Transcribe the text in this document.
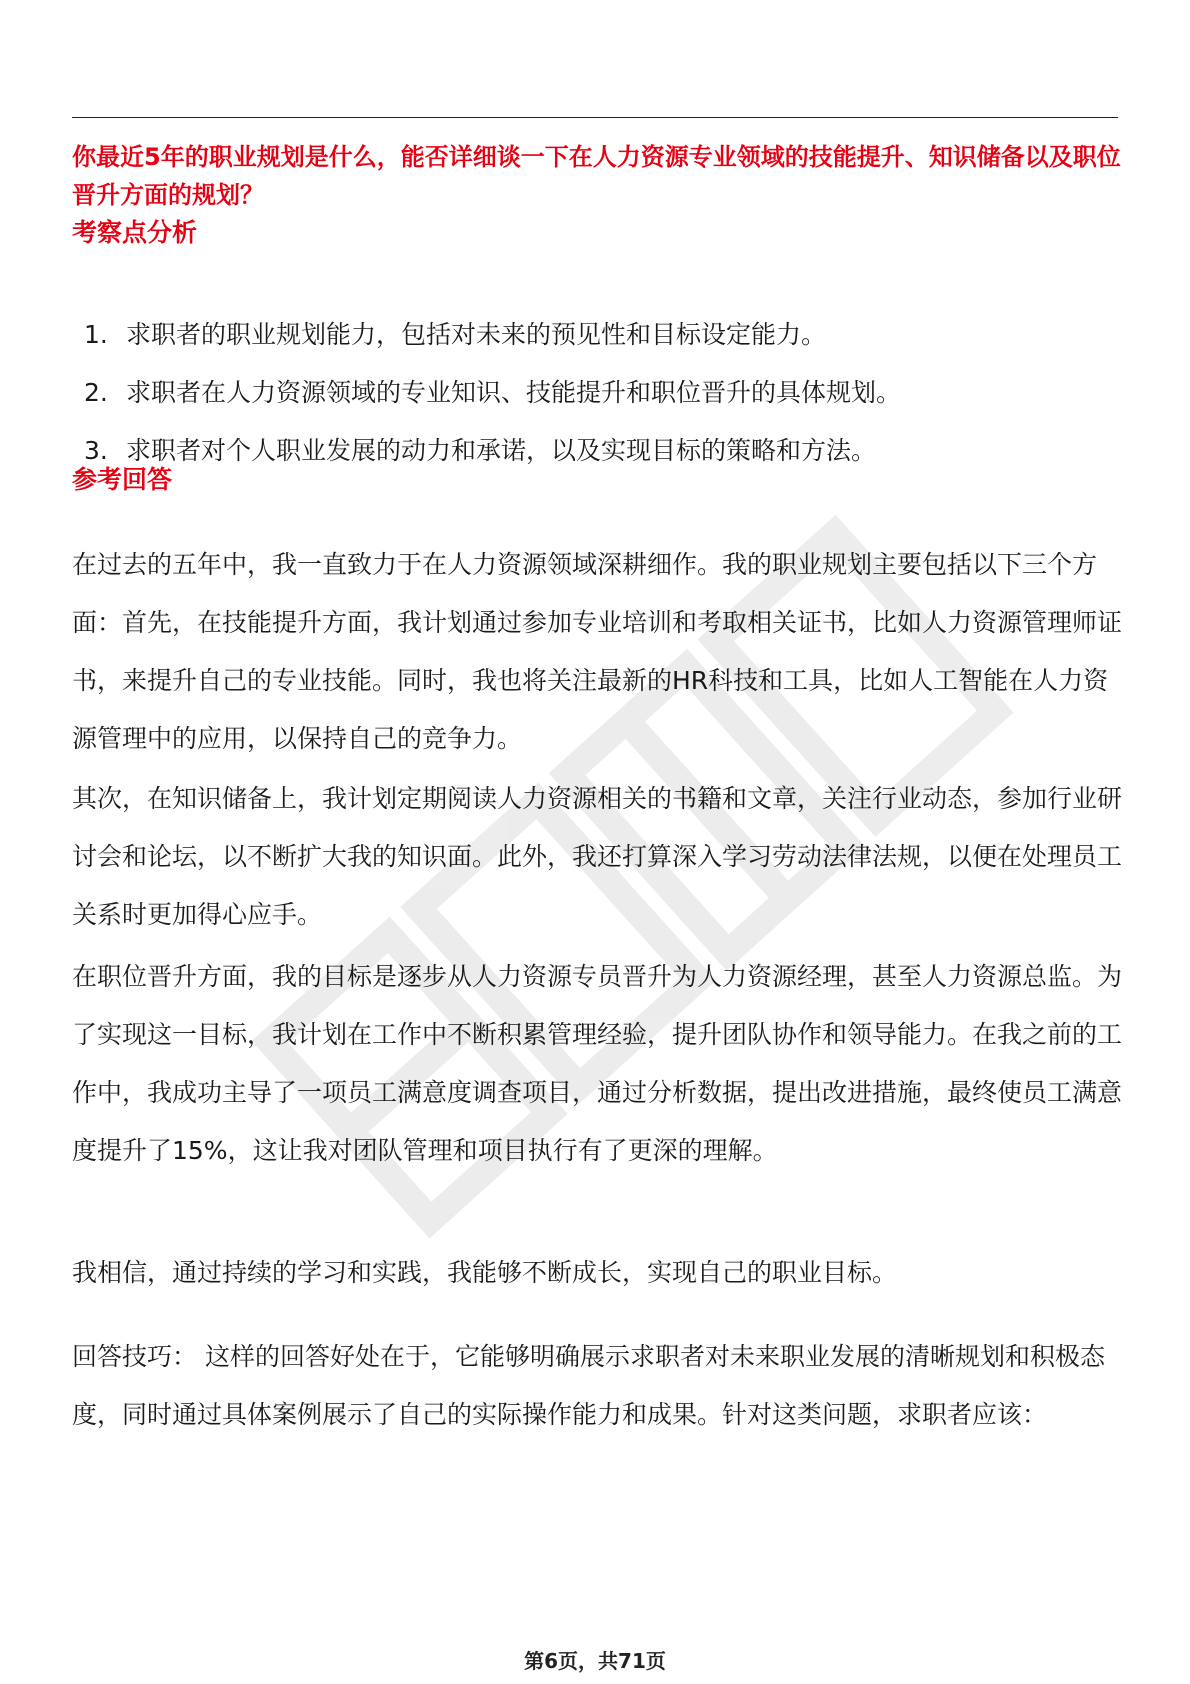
你最近5年的职业规划是什么，能否详细谈一下在人力资源专业领域的技能提升、知识储备以及职位晋升方面的规划？
考察点分析
1. 求职者的职业规划能力，包括对未来的预见性和目标设定能力。
2. 求职者在人力资源领域的专业知识、技能提升和职位晋升的具体规划。
3. 求职者对个人职业发展的动力和承诺，以及实现目标的策略和方法。
参考回答
在过去的五年中，我一直致力于在人力资源领域深耕细作。我的职业规划主要包括以下三个方面：首先，在技能提升方面，我计划通过参加专业培训和考取相关证书，比如人力资源管理师证书，来提升自己的专业技能。同时，我也将关注最新的HR科技和工具，比如人工智能在人力资源管理中的应用，以保持自己的竞争力。
其次，在知识储备上，我计划定期阅读人力资源相关的书籍和文章，关注行业动态，参加行业研讨会和论坛，以不断扩大我的知识面。此外，我还打算深入学习劳动法律法规，以便在处理员工关系时更加得心应手。
在职位晋升方面，我的目标是逐步从人力资源专员晋升为人力资源经理，甚至人力资源总监。为了实现这一目标，我计划在工作中不断积累管理经验，提升团队协作和领导能力。在我之前的工作中，我成功主导了一项员工满意度调查项目，通过分析数据，提出改进措施，最终使员工满意度提升了15%，这让我对团队管理和项目执行有了更深的理解。
我相信，通过持续的学习和实践，我能够不断成长，实现自己的职业目标。
回答技巧： 这样的回答好处在于，它能够明确展示求职者对未来职业发展的清晰规划和积极态度，同时通过具体案例展示了自己的实际操作能力和成果。针对这类问题，求职者应该：
第6页，共71页
